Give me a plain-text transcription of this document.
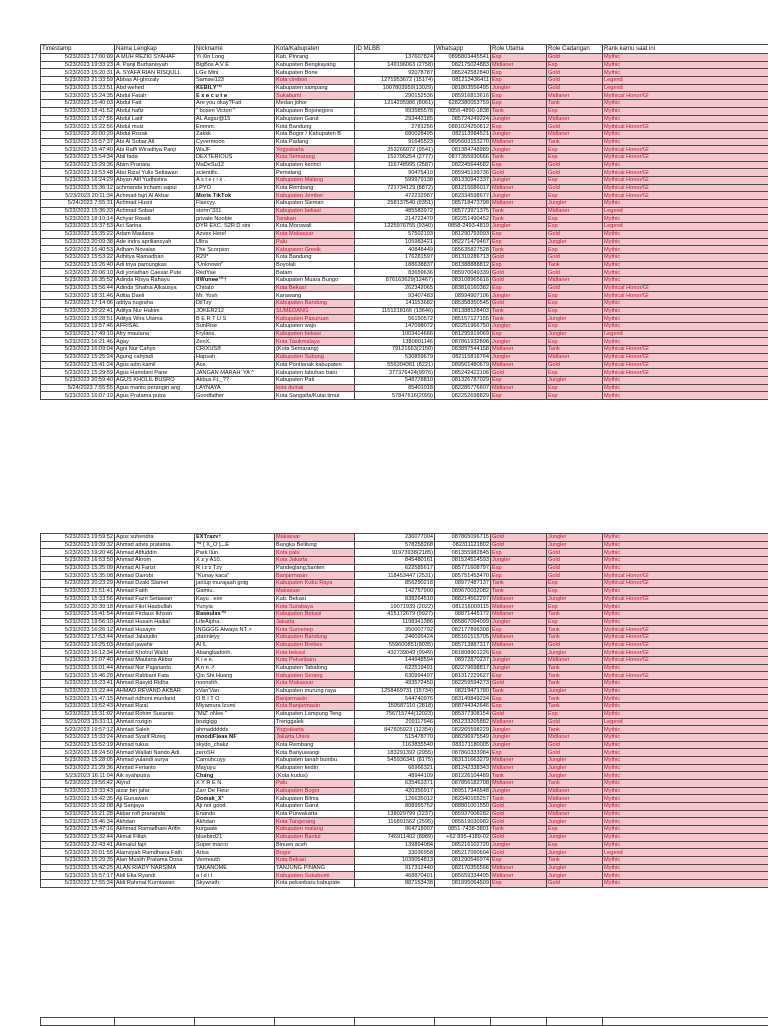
Timestamp	Nama Lengkap	Nickname	Kota/Kabupaten	ID MLBB	Whatsapp	Role Utama	Role Cadangan	Rank kamu saat ini
5/23/2023 17:00:09	A MUH REZKI SYAHAF	Yi Xin Long	Kab. Pinrang	137607824	0895803445541	Exp	Gold	Mythic
5/23/2023 19:33:23	A. Panji Burhanisyah	BigBos A V E	Kabupaten Bengkayang	149196063 (2758)	082175024883	Midlaner	Exp	Mythic
5/23/2023 15:20:31	A. SYAFA RIAN RISQULL	LGe Mini	Kabupaten Bone	92078787	085242582840	Exp	Gold	Mythic
5/23/2023 21:33:59	Abbas Al-ghozaly	Samsei123	Kota cirebon	1271953672 (15174)	081213436411	Exp	Gold	Legend
5/23/2023 15:23:51	Abd wehed	𝐊𝐄𝐁𝐈𝐋𝐘™	Kabupaten sampang	1007803959(13029)	081803556495	Jungler	Gold	Legend
5/23/2023 15:24:35	Abdul Fatah	𝐄 𝐱 𝐞 𝐜 𝐮 𝐭 𝐞	Sukabumi	290152536	085916813616	Exp	Midlaner	Mythical Honor/Gl
5/23/2023 15:40:03	Abdul Fatt	Are you okay?Fatt	Medan johor	1214295986 (8061)	6282380053759	Exp	Tank	Mythic
5/23/2023 18:41:52	Abdul hafiz	" bosen Victori "	Kabupaten Bojonegoro	993585578	0856-4890-1838	Tank	Exp	Mythic
5/23/2023 15:27:55	Abdul Latif	AL Asgar@15	Kabupaten Garut	293443185	085724249224	Jungler	Midlaner	Mythic
5/23/2023 15:22:56	Abdul muiz	Emmm.	Kota Bandung	2781256	0881024250812	Exp	Gold	Mythical Honor/Gl
5/23/2023 20:00:20	Abdul Rozak	Zakkk	Kota Bogor / Kabupaten B	680028495	082113984521	Jungler	Midlaner	Mythic
5/23/2023 15:57:37	Abi Al Sobar Ali	Cyvermoon	Kota Padang	91645523	0895603153270	Midlaner	Tank	Mythic
5/23/2023 15:47:40	Abi Raffi Wiraditya Panji	WaJF	Yogyakarta	353266072 (9541)	081384748989	Jungler	Exp	Mythical Honor/Gl
5/23/2023 15:54:34	Abil fada	DEXTERIOUS	Kota Semarang	152796254 (2777)	0877355930666	Tank	Exp	Mythical Honor/Gl
5/23/2023 15:29:36	Abim Pranata	MaDeSu12	Kabupaten kerinci	116748995 (2587)	082245644682	Exp	Gold	Mythic
5/23/2023 19:53:48	Abu Rizal Yulis Setiawan	scientific.	Pemalang	90475410	085945199736	Gold	Gold	Mythical Honor/Gl
5/23/2023 16:24:29	Abyan Alif Yudhistira	A s t e r i x .	Kabupaten Malang	599979138	081330942337	Jungler	Exp	Mythical Honor/Gl
5/23/2023 15:36:12	achmanda irchami sapui	LPYO	Kota Rembang	721734129 (8872)	081215686017	Midlaner	Gold	Mythical Honor/Gl
5/23/2023 20:11:34	Achmad fajri Al Akbar	𝐌𝐨𝐫𝐢𝐬 𝐓𝐢𝐤𝐓𝐨𝐤	Kabupaten Jember	472232987	082334598677	Jungler	Exp	Mythical Honor/Gl
5/24/2023 7:55:31	Achmad Husni	Flaxcyy.	Kabupaten Sleman	258137540 (9351)	085718473798	Midlaner	Jungler	Mythic
5/23/2023 15:36:33	Achmad Sobari	storm"331	Kabupaten bekasi	485583972	085773971375	Tank	Midlaner	Legend
5/23/2023 18:10:14	Achyar Rosidi	private Noobie	Tarakan	214722470	082251490452	Tank	Exp	Mythic
5/23/2023 15:37:53	Aci Sarina	DYR EXC. S2R D sini	Kota Morowali	1225976755 (9340)	0858-2493-4819	Jungler	Exp	Legend
5/23/2023 15:35:22	Adam Maulana	Azvex Here!	Kota Makassar	57502193	081290793993	Exp	Gold	Mythic
5/23/2023 20:09:38	Ade indra apriliansyah	Ultra	Palu	105983421	082271479467	Exp	Jungler	Mythic
5/23/2023 15:40:53	Adham Novalas	The Scorpion	Kabupaten Gresik	40848449	085635827528	Tank	Exp	Mythic
5/23/2023 15:53:22	Adhitya Ramadhan	R29*	Kota Bandung	176281597	081310286713	Gold	Gold	Mythic
5/23/2023 15:26:40	Adi triya pamungkas	"Unknown"	Boyolali	188638837	081388888812	Exp	Tank	Mythic
5/23/2023 20:06:10	Adi yonathan Caesar Pute	RedYae	Batam	83659636	085970049339	Gold	Gold	Mythic
5/23/2023 16:35:52	Adinda Risya Rahayu	𝐈𝐈𝐖𝐮𝐧𝐞𝐞™†	Kabupaten Muara Bungo	876163629(12467)	083108965616	Gold	Midlaner	Mythic
5/23/2023 15:56:44	Adinda Shafna Alkausya	Chitato	Kota Bekasi	262342065	083816160382	Exp	Gold	Mythical Honor/Gl
5/23/2023 18:31:46	Aditia Daeli	Mr. Yosh	Karawang	93407483	08994907106	Jungler	Exp	Mythical Honor/Gl
5/23/2023 17:14:06	aditya nugraha	DilTzy	Kabupaten Bandung	141153682	085358350545	Gold	Exp	Mythic
5/23/2023 20:22:41	Aditya Nur Hakim	JOKER212	SUMEDANG	1151218166 (13646)	081388128403	Tank	Exp	Mythic
5/23/2023 15:28:51	Aditya Wira Utama	B E R T U S	Kabupaten Pasuruan	56150572	085157127155	Tank	Jungler	Mythic
5/23/2023 19:57:46	AFRISAL	SunRise	Kabupaten wajo	147098072	082251966750	Jungler	Exp	Mythic
5/23/2023 17:49:10	Afry maulana	Frylans.	Kabupaten bekasi	1003414666	081295919069	Exp	Jungler	Legend
5/23/2023 16:21:46	Agay	ZenX.	Kota Tasikmalaya	1380801146	087861932898	Jungler	Exp	Mythic
5/23/2023 16:09:04	Agni Nur Cahyo	CRIXUS®	(Kota Semarang)	79121663(2150)	083897544158	Midlaner	Tank	Mythical Honor/Gl
5/23/2023 15:25:24	Agung cahyadi	Hapsah.	Kabupaten Subang	530859679	082115816764	Jungler	Midlaner	Mythical Honor/Gl
5/23/2023 15:41:24	Agus adin kamil	Ace.	Kota Pontianak kabupaten	556304361 (8221)	089561480679	Midlaner	Gold	Mythical Honor/Gl
5/23/2023 15:29:59	Agus Hamdani Pane	JANGAN MARAH' YA ^	Kabupaten labuhan batu	377376424(9976)	085242422106	Gold	Exp	Mythical Honor/Gl
5/23/2023 20:59:40	AGUS KHOLIL BUSRO	Akbus Ft._??	Kabupaten Pati	548778810	081326787029	Exp	Jungler	Mythic
5/24/2023 7:55:55	Agus manto perangin ang	LAYNAYA	kota dumai	85401018	082285776607	Midlaner	Exp	Mythic
5/23/2023 16:07:19	Agus Pratama putra	Goodfather	Kota Sangatta/Kutai timur	57847616(2099)	082252698829	Exp	Exp	Mythic
5/23/2023 19:59:52	Agus suhendra	𝐄𝐗𝐓𝐫𝐚𝐳𝐯†	Makassar	236077004	087865096715	Gold	Jungler	Mythic
5/23/2023 19:39:32	Ahmad advis pratama	™ [ X_O ] ̶ ̶ E	Bangka Belitung	578258268	082311121802	Gold	Jungler	Mythic
5/23/2023 19:20:46	Ahmad Afifuddin	Park Ilun.	Kota palu	91973938(2185)	081355982845	Exp	Gold	Mythic
5/23/2023 16:53:50	Ahmad Akrom	X z y A10.	Kota Jakarta	845480161	081524514593	Jungler	Gold	Mythic
5/23/2023 15:25:09	Ahmad Al Farizi	R i z z Tzy	Pandeglang,banten	622585617	085771608797	Exp	Gold	Mythic
5/23/2023 15:35:08	Ahmad Dairobi	"Kunay kaca"	Banjarmasin	118453447 (2531)	085751453470	Exp	Gold	Mythical Honor/Gl
5/23/2023 20:23:29	Ahmad Dzaki Slamet	janlup murajaah gntg	Kabupaten Kubu Raya	856290218	08977487137	Tank	Exp	Mythical Honor/Gl
5/23/2023 21:51:41	Ahmad Fatih	Gamiu.	Makassar	142757900	089670032082	Tank	Exp	Mythic
5/23/2023 15:33:56	Ahmad Fazri Setiawan	Kayu . exe	Kab. Bekasi	838264510	088214562297	Midlaner	Jungler	Mythical Honor/Gl
5/23/2023 20:39:18	Ahmad Fikri Hasbullah	Yunyia	Kota Surabaya	19071939 (2022)	081216009115	Midlaner	Exp	Mythic
5/23/2023 15:41:54	Ahmad Firdaus Ikhsan	𝐁𝐚𝐬𝐞𝐮𝐥𝐚𝐬™	Kabupaten Bekasi	415172679 (9927)	08871445172	Midlaner	Tank	Mythic
5/23/2023 19:56:10	Ahmad Husain Haikal	LifeAlpha.	Jakarta	1198341386	085867094099	Jungler	Exp	Mythic
5/23/2023 16:26:12	Ahmad Husayin	INGGGG Always NT >	Kota Sumenep	350007792	082177896308	Exp	Tank	Mythical Honor/Gl
5/23/2023 17:53:44	Ahmad Jalaludin	stannleyy	Kabupaten Bandung	246026424	085161515705	Midlaner	Tank	Mythical Honor/Gl
5/23/2023 16:25:03	Ahmad jawahir	Al 6.	Kabupaten Brebes	559600851(8035)	085713887317	Midlaner	Gold	Mythical Honor/Gl
5/23/2023 16:12:34	Ahmad Kholrul Walid	Abangltadorih.	Kota bekasi	432739049 (9949)	081808901226	Exp	Jungler	Mythical Honor/Gl
5/23/2023 21:07:40	Ahmad Maulana Akbar	K i e e.	Kota Pekanbaru	144948594	08972870237	Jungler	Midlaner	Mythical Honor/Gl
5/23/2023 16:01:44	Ahmad Nur Pajarianto	A n n ↗	Kabupaten Tabalong	622519491	082279698817	Jungler	Tank	Mythic
5/23/2023 15:46:28	Ahmad Rabbani Fata	Qin Shi Huang	Kabupaten Serang	630994497	081317229627	Exp	Tank	Mythical Honor/Gl
5/23/2023 15:23:41	Ahmad Rasyid Ridha	noonshh.	Kota Makassar	493572450	082259594273	Gold	Tank	Mythic
5/23/2023 15:22:44	AHMAD REVAND AKBAR	xVan'Van	Kabupaten murung raya	1258469731 (15734)	08219471780	Tank	Jungler	Mythic
5/23/2023 15:47:15	Ahmad ridhoni munfarid	O B I T O	Banjarmasin	544740976	083149849234	Exp	Tank	Mythic
5/23/2023 19:52:43	Ahmad Rizal	Miyamura Izumi	Kota Banjarmasin	159587110 (2818)	088744342646	Exp	Tank	Mythic
5/23/2023 15:31:02	Ahmad Rohim Susanto	"MiZ' oNee "	Kabupaten Lampung Teng	756715744(12023)	085377308154	Gold	Exp	Mythic
5/23/2023 15:31:11	Ahmad rozigin	bozigigg	Trenggalek	209117946	081233205882	Midlaner	Gold	Legend
5/23/2023 19:57:12	Ahmad Saleh	ahmaddddds	Yogyakarta	847605923 (12354)	082265598229	Jungler	Tank	Mythic
5/23/2023 15:33:24	Ahmad Syarif Rizeq	𝐦𝐨𝐨𝐝𝐢𝐅𝐥𝐞𝐚𝐬 𝐍𝐅	Jakarta Utara	515478770	088296975549	Jungler	Midlaner	Mythic
5/23/2023 15:52:19	Ahmad tukus	skydo_chakz	Kota Rembang	1163835540	083171180005	Jungler	Gold	Mythic
5/23/2023 18:24:50	Ahmad Wallati Nando Adi	zeroSH	Kota Banyuwangi	183291392 (2955)	087860333984	Exp	Gold	Mythic
5/23/2023 15:28:05	Ahmad yulandi surya	Camuhcuyy	Kabupaten tanah bumbu	545936341 (8175)	083131663279	Midlaner	Jungler	Mythic
5/23/2023 21:29:36	Ahmad Ferianto	Mayuyu	Kabupaten kediri	66966321	081242338343	Midlaner	Jungler	Mythic
5/23/2023 16:11:04	Aik syahputra	𝐂𝐡𝐚̈𝐧𝐠	(Kota kudus)	48944109	081226104489	Tank	Jungler	Mythic
5/23/2023 19:56:42	Aiynd	X Y R E N	Palu	635463371	087856182708	Midlaner	Tank	Mythic
5/23/2023 19:33:43	aizar bin jafar	Zarr De Fleur	Kabupaten Bogor	420356917	089517346548	Jungler	Midlaner	Mythic
5/23/2023 15:42:35	Aji Gunawan	𝐃𝐨𝐦𝐚𝐤_𝐗*	Kabupaten Blima	126635012	082340165257	Tank	Midlaner	Mythic
5/23/2023 15:22:08	Aji Sanjaya	Aji not good	Kabupaten Garut	808955752	088801001550	Gold	Jungler	Mythic
5/23/2023 15:21:28	Akbar rofi prananda	Enando	Kota Purwakarta	138029799 (2237)	085937008282	Gold	Midlaner	Mythic
5/23/2023 15:46:34	Akhdan	Akhdan	Kota Tangerang	116891562 (2595)	085519030982	Gold	Jungler	Mythic
5/23/2023 15:47:16	Akhmad Ramadhani Arifin	kurgaaw	Kabupaten malang	964718007	0851-7438-3801	Tank	Exp	Mythic
5/23/2023 15:32:44	Akmal Fillah	bluebird21	Kabupaten Bantul	746911402 (8989)	+62 895-4189-02	Gold	Jungler	Mythic
5/23/2023 22:43:41	Akmalul fajri	Super marco	Binuen aceh	139894084	085216102720	Jungler	Exp	Mythic
5/23/2023 20:01:55	Alamsyah Ramdhana Fath	Arisa	Bogor	33036958	085217090604	Gold	Jungler	Legend
5/23/2023 15:29:35	Alan Muslih Pratama Dona	Vermouth	Kota Bekasi	1039054813	081290546974	Exp	Tank	Mythic
5/23/2023 15:42:25	ALAN RIADY NARSIMA	TAKANOME	TANJUNG PINANG	917312440	082170355566	Midlaner	Jungler	Mythic
5/23/2023 15:57:17	Aldi Eka Ryandi	a l d i l	Kabupaten Sukabumi	468870401	085659334495	Midlaner	Jungler	Mythic
5/23/2023 17:55:34	Aldi Rahmat Kurniawan	Skywrath.	Kota pekanbaru kabupate	887153438	081995064509	Exp	Gold	Mythic
